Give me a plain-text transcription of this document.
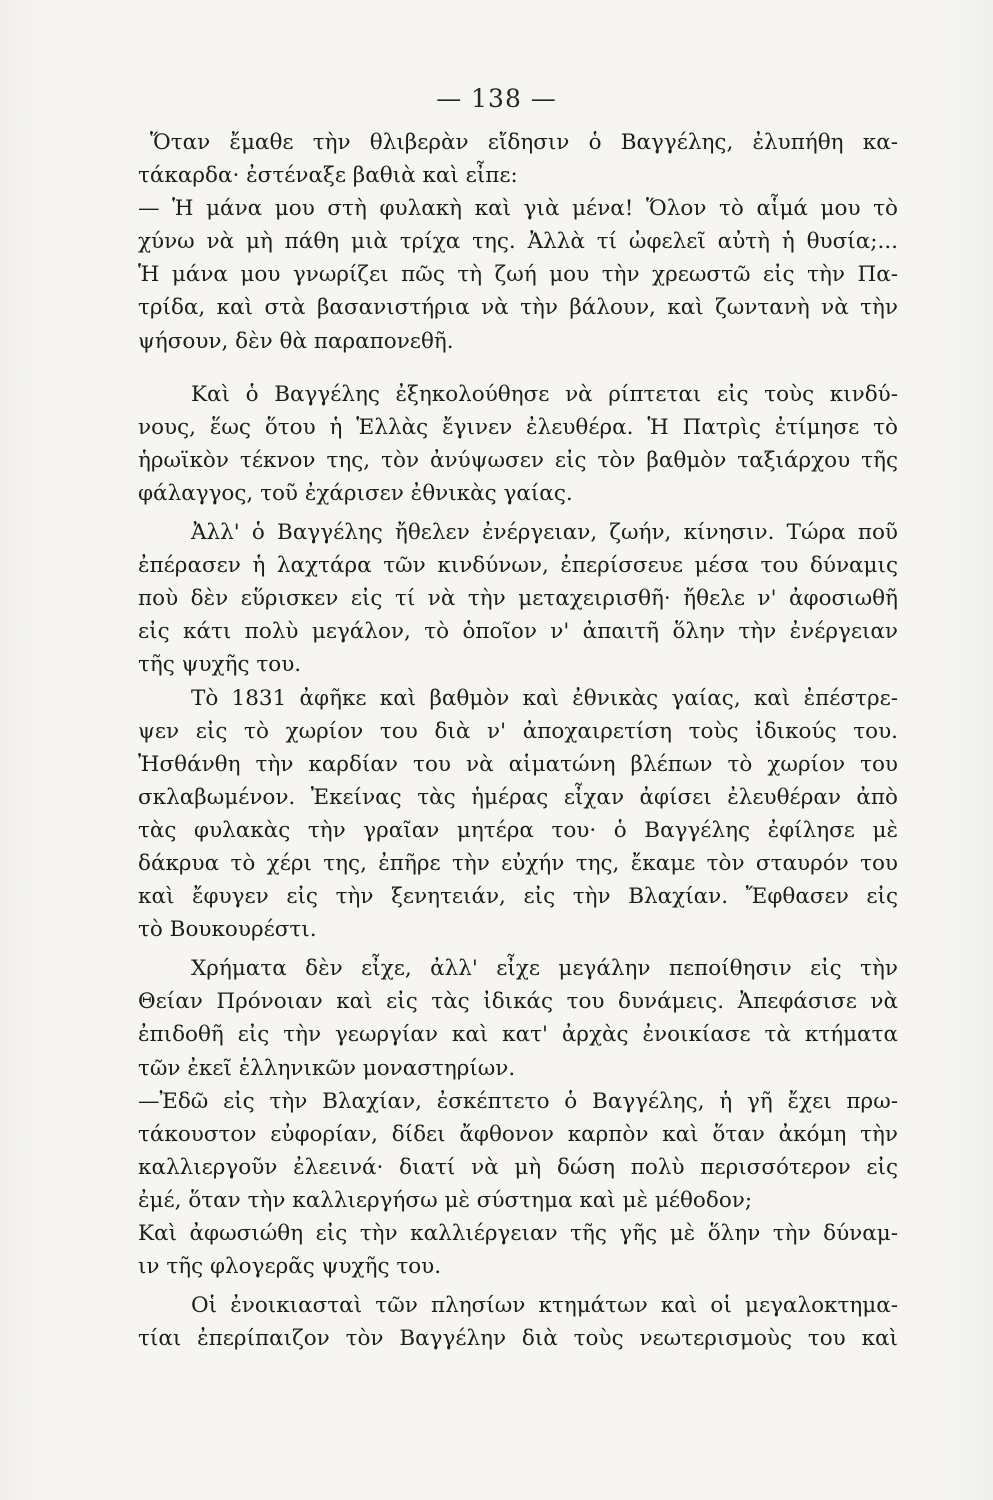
— 138 —
Ὅταν ἔμαθε τὴν θλιβερὰν εἴδησιν ὁ Βαγγέλης, ἐλυπήθη κα-
τάκαρδα· ἐστέναξε βαθιὰ καὶ εἶπε:
— Ἡ μάνα μου στὴ φυλακὴ καὶ γιὰ μένα! Ὅλον τὸ αἷμά μου τὸ
χύνω νὰ μὴ πάθη μιὰ τρίχα της. Ἀλλὰ τί ὠφελεῖ αὐτὴ ἡ θυσία;...
Ἡ μάνα μου γνωρίζει πῶς τὴ ζωή μου τὴν χρεωστῶ εἰς τὴν Πα-
τρίδα, καὶ στὰ βασανιστήρια νὰ τὴν βάλουν, καὶ ζωντανὴ νὰ τὴν
ψήσουν, δὲν θὰ παραπονεθῆ.
Καὶ ὁ Βαγγέλης ἐξηκολούθησε νὰ ρίπτεται εἰς τοὺς κινδύ-
νους, ἕως ὅτου ἡ Ἑλλὰς ἔγινεν ἐλευθέρα. Ἡ Πατρὶς ἐτίμησε τὸ
ἡρωϊκὸν τέκνον της, τὸν ἀνύψωσεν εἰς τὸν βαθμὸν ταξιάρχου τῆς
φάλαγγος, τοῦ ἐχάρισεν ἐθνικὰς γαίας.
Ἀλλ' ὁ Βαγγέλης ἤθελεν ἐνέργειαν, ζωήν, κίνησιν. Τώρα ποῦ
ἐπέρασεν ἡ λαχτάρα τῶν κινδύνων, ἐπερίσσευε μέσα του δύναμις
ποὺ δὲν εὕρισκεν εἰς τί νὰ τὴν μεταχειρισθῆ· ἤθελε ν' ἀφοσιωθῆ
εἰς κάτι πολὺ μεγάλον, τὸ ὁποῖον ν' ἀπαιτῆ ὅλην τὴν ἐνέργειαν
τῆς ψυχῆς του.
Τὸ 1831 ἀφῆκε καὶ βαθμὸν καὶ ἐθνικὰς γαίας, καὶ ἐπέστρε-
ψεν εἰς τὸ χωρίον του διὰ ν' ἀποχαιρετίση τοὺς ἰδικούς του.
Ἠσθάνθη τὴν καρδίαν του νὰ αἱματώνη βλέπων τὸ χωρίον του
σκλαβωμένον. Ἐκείνας τὰς ἡμέρας εἶχαν ἀφίσει ἐλευθέραν ἀπὸ
τὰς φυλακὰς τὴν γραῖαν μητέρα του· ὁ Βαγγέλης ἐφίλησε μὲ
δάκρυα τὸ χέρι της, ἐπῆρε τὴν εὐχήν της, ἔκαμε τὸν σταυρόν του
καὶ ἔφυγεν εἰς τὴν ξενητειάν, εἰς τὴν Βλαχίαν. Ἔφθασεν εἰς
τὸ Βουκουρέστι.
Χρήματα δὲν εἶχε, ἀλλ' εἶχε μεγάλην πεποίθησιν εἰς τὴν
Θείαν Πρόνοιαν καὶ εἰς τὰς ἰδικάς του δυνάμεις. Ἀπεφάσισε νὰ
ἐπιδοθῆ εἰς τὴν γεωργίαν καὶ κατ' ἀρχὰς ἐνοικίασε τὰ κτήματα
τῶν ἐκεῖ ἑλληνικῶν μοναστηρίων.
—Ἐδῶ εἰς τὴν Βλαχίαν, ἐσκέπτετο ὁ Βαγγέλης, ἡ γῆ ἔχει πρω-
τάκουστον εὐφορίαν, δίδει ἄφθονον καρπὸν καὶ ὅταν ἀκόμη τὴν
καλλιεργοῦν ἐλεεινά· διατί νὰ μὴ δώση πολὺ περισσότερον εἰς
ἐμέ, ὅταν τὴν καλλιεργήσω μὲ σύστημα καὶ μὲ μέθοδον;
Καὶ ἀφωσιώθη εἰς τὴν καλλιέργειαν τῆς γῆς μὲ ὅλην τὴν δύναμ-
ιν τῆς φλογερᾶς ψυχῆς του.
Οἱ ἐνοικιασταὶ τῶν πλησίων κτημάτων καὶ οἱ μεγαλοκτημα-
τίαι ἐπερίπαιζον τὸν Βαγγέλην διὰ τοὺς νεωτερισμοὺς του καὶ
